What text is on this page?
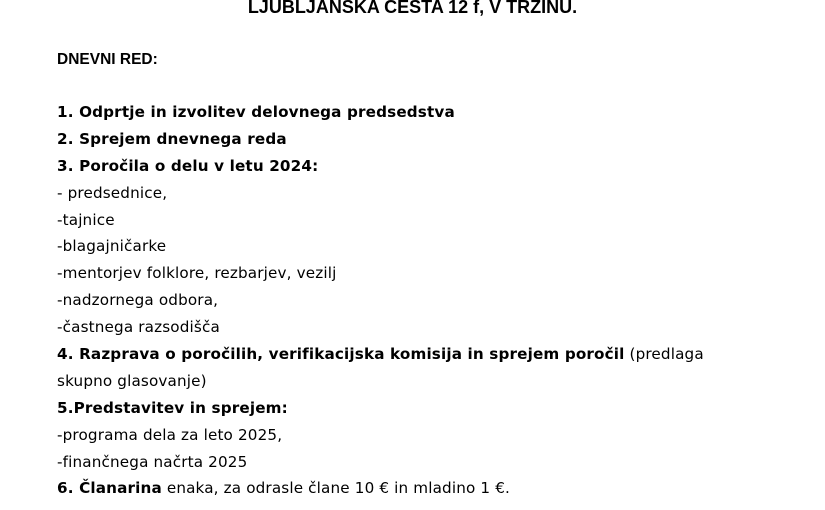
LJUBLJANSKA CESTA 12 f, V TRZINU.
DNEVNI RED:
1. Odprtje in izvolitev delovnega predsedstva
2. Sprejem dnevnega reda
3. Poročila o delu v letu 2024:
- predsednice,
-tajnice
-blagajničarke
-mentorjev folklore, rezbarjev, vezilj
-nadzornega odbora,
-častnega razsodišča
4. Razprava o poročilih, verifikacijska komisija in sprejem poročil (predlaga
skupno glasovanje)
5.Predstavitev in sprejem:
-programa dela za leto 2025,
-finančnega načrta 2025
6. Članarina enaka, za odrasle člane 10 € in mladino 1 €.
